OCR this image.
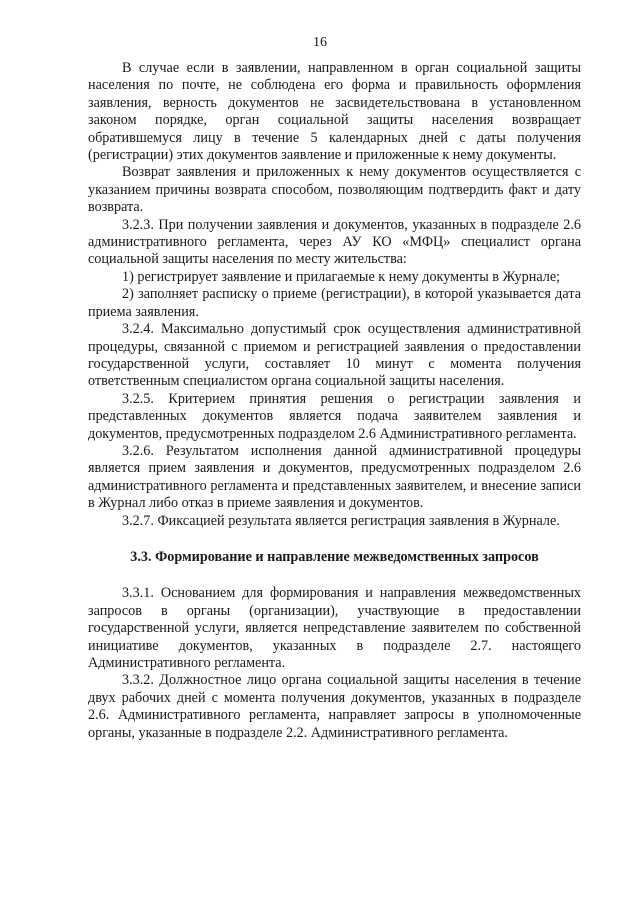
16

В случае если в заявлении, направленном в орган социальной защиты населения по почте, не соблюдена его форма и правильность оформления заявления, верность документов не засвидетельствована в установленном законом порядке, орган социальной защиты населения возвращает обратившемуся лицу в течение 5 календарных дней с даты получения (регистрации) этих документов заявление и приложенные к нему документы.

Возврат заявления и приложенных к нему документов осуществляется с указанием причины возврата способом, позволяющим подтвердить факт и дату возврата.

3.2.3. При получении заявления и документов, указанных в подразделе 2.6 административного регламента, через АУ КО «МФЦ» специалист органа социальной защиты населения по месту жительства:

1) регистрирует заявление и прилагаемые к нему документы в Журнале;

2) заполняет расписку о приеме (регистрации), в которой указывается дата приема заявления.

3.2.4. Максимально допустимый срок осуществления административной процедуры, связанной с приемом и регистрацией заявления о предоставлении государственной услуги, составляет 10 минут с момента получения ответственным специалистом органа социальной защиты населения.

3.2.5. Критерием принятия решения о регистрации заявления и представленных документов является подача заявителем заявления и документов, предусмотренных подразделом 2.6 Административного регламента.

3.2.6. Результатом исполнения данной административной процедуры является прием заявления и документов, предусмотренных подразделом 2.6 административного регламента и представленных заявителем, и внесение записи в Журнал либо отказ в приеме заявления и документов.

3.2.7. Фиксацией результата является регистрация заявления в Журнале.

3.3. Формирование и направление межведомственных запросов

3.3.1. Основанием для формирования и направления межведомственных запросов в органы (организации), участвующие в предоставлении государственной услуги, является непредставление заявителем по собственной инициативе документов, указанных в подразделе 2.7. настоящего Административного регламента.

3.3.2. Должностное лицо органа социальной защиты населения в течение двух рабочих дней с момента получения документов, указанных в подразделе 2.6. Административного регламента, направляет запросы в уполномоченные органы, указанные в подразделе 2.2. Административного регламента.
